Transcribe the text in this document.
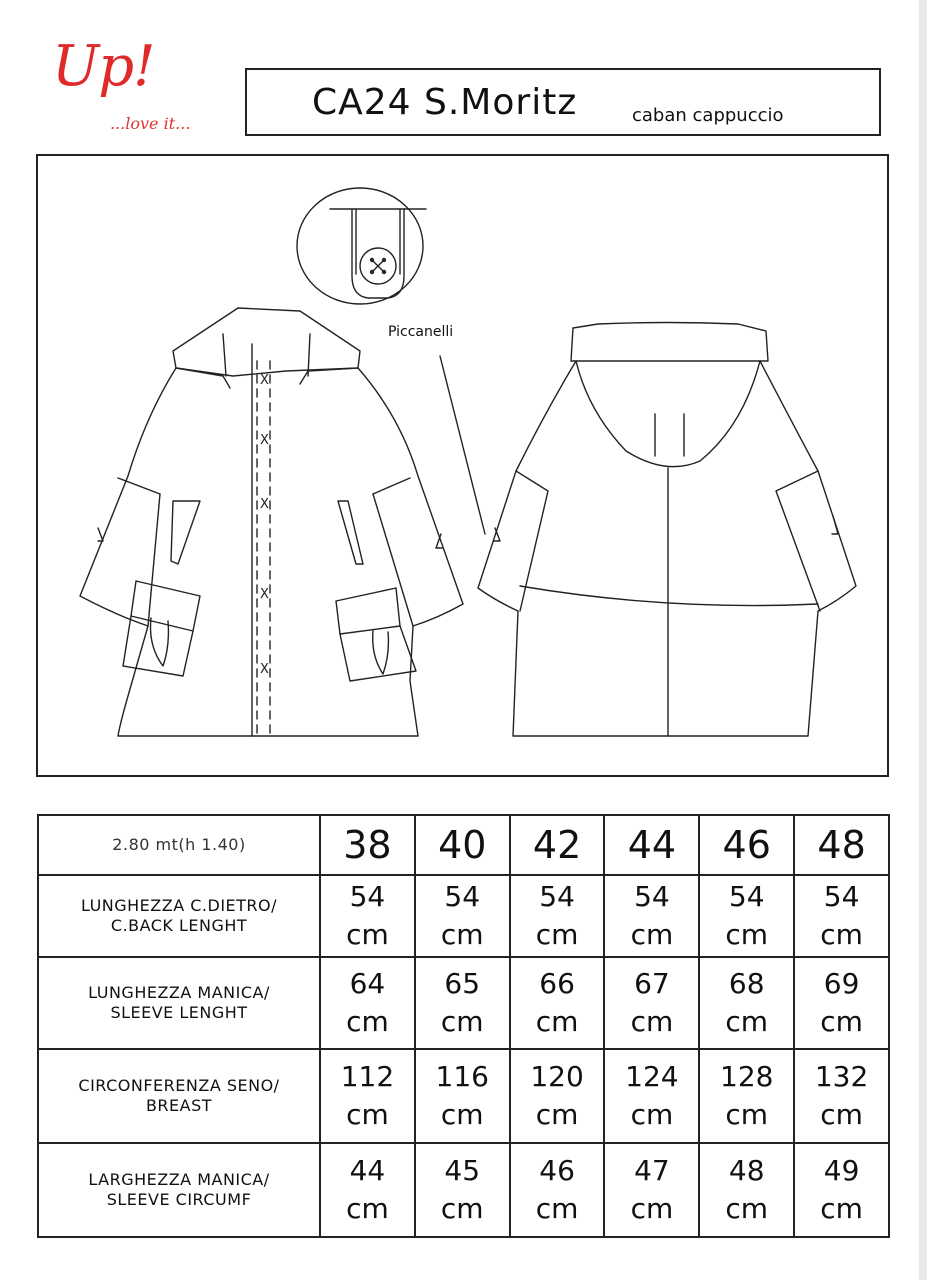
Up!
...love it...
CA24 S.Moritz	caban cappuccio
X
X
X
X
X
Piccanelli
2.80 mt(h 1.40)	38	40	42	44	46	48

LUNGHEZZA C.DIETRO/
C.BACK LENGHT	54
cm	54
cm	54
cm	54
cm	54
cm	54
cm

LUNGHEZZA MANICA/
SLEEVE LENGHT	64
cm	65
cm	66
cm	67
cm	68
cm	69
cm

CIRCONFERENZA SENO/
BREAST	112
cm	116
cm	120
cm	124
cm	128
cm	132
cm

LARGHEZZA MANICA/
SLEEVE CIRCUMF	44
cm	45
cm	46
cm	47
cm	48
cm	49
cm
